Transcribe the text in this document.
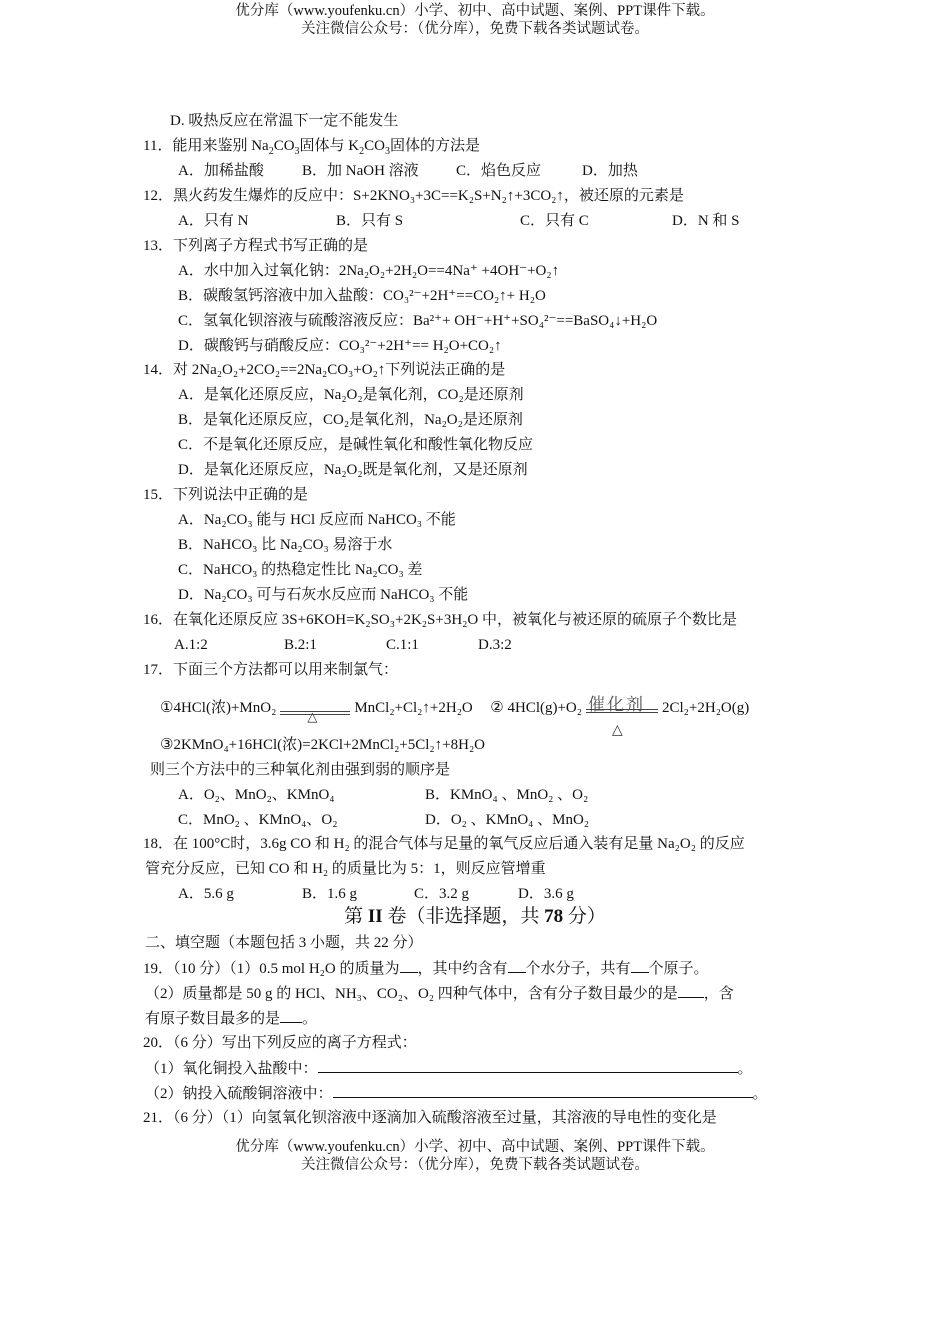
优分库（www.youfenku.cn）小学、初中、高中试题、案例、PPT课件下载。
关注微信公众号：（优分库），免费下载各类试题试卷。
D. 吸热反应在常温下一定不能发生
11．能用来鉴别 $Na_2CO_3$固体与 $K_2CO_3$固体的方法是
A．加稀盐酸	B．加 NaOH 溶液 C．焰色反应	D．加热
12．黑火药发生爆炸的反应中：S+2KNO₃+3C==K₂S+N₂↑+3CO₂↑，被还原的元素是
A．只有 N	B．只有 S	C．只有 C	D．N 和 S
13．下列离子方程式书写正确的是
A．水中加入过氧化钠：2Na₂O₂+2H₂O==4Na⁺ +4OH⁻+O₂↑
B．碳酸氢钙溶液中加入盐酸：CO₃²⁻+2H⁺==CO₂↑+ H₂O
C．氢氧化钡溶液与硫酸溶液反应：Ba²⁺+ OH⁻+H⁺+SO₄²⁻==BaSO₄↓+H₂O
D．碳酸钙与硝酸反应：CO₃²⁻+2H⁺== H₂O+CO₂↑
14．对 2Na₂O₂+2CO₂==2Na₂CO₃+O₂↑下列说法正确的是
A．是氧化还原反应，Na₂O₂是氧化剂，CO₂是还原剂
B．是氧化还原反应，CO₂是氧化剂，Na₂O₂是还原剂
C．不是氧化还原反应，是碱性氧化和酸性氧化物反应
D．是氧化还原反应，Na₂O₂既是氧化剂，又是还原剂
15．下列说法中正确的是
A．Na₂CO₃ 能与 HCl 反应而 NaHCO₃ 不能
B．NaHCO₃ 比 Na₂CO₃ 易溶于水
C．NaHCO₃ 的热稳定性比 Na₂CO₃ 差
D．Na₂CO₃ 可与石灰水反应而 NaHCO₃ 不能
16．在氧化还原反应 3S+6KOH=K₂SO₃+2K₂S+3H₂O 中，被氧化与被还原的硫原子个数比是
A.1:2	B.2:1	C.1:1	D.3:2
17．下面三个方法都可以用来制氯气：
①4HCl(浓)+MnO₂
△
MnCl₂+Cl₂↑+2H₂O ② 4HCl(g)+O₂ 催化剂
△
2Cl₂+2H₂O(g)
③2KMnO₄+16HCl(浓)=2KCl+2MnCl₂+5Cl₂↑+8H₂O
则三个方法中的三种氧化剂由强到弱的顺序是
A．O₂、MnO₂、KMnO₄	B．KMnO₄ 、MnO₂ 、O₂
C．MnO₂ 、KMnO₄、O₂	D．O₂ 、KMnO₄ 、MnO₂
18．在 100°C时，3.6g CO 和 H₂ 的混合气体与足量的氧气反应后通入装有足量 Na₂O₂ 的反应
管充分反应，已知 CO 和 H₂ 的质量比为 5：1，则反应管增重
A．5.6 g	B．1.6 g	C．3.2 g	D．3.6 g
第 II 卷（非选择题，共 78 分）
二、填空题（本题包括 3 小题，共 22 分）
19．（10 分）（1）0.5 mol H₂O 的质量为 ，其中约含有 个水分子，共有 个原子。
（2）质量都是 50 g 的 HCl、NH₃、CO₂、O₂ 四种气体中，含有分子数目最少的是 ，含
有原子数目最多的是 。
20．（6 分）写出下列反应的离子方程式：
（1）氧化铜投入盐酸中：	。
（2）钠投入硫酸铜溶液中：	。
21．（6 分）（1）向氢氧化钡溶液中逐滴加入硫酸溶液至过量，其溶液的导电性的变化是
优分库（www.youfenku.cn）小学、初中、高中试题、案例、PPT课件下载。
关注微信公众号：（优分库），免费下载各类试题试卷。
